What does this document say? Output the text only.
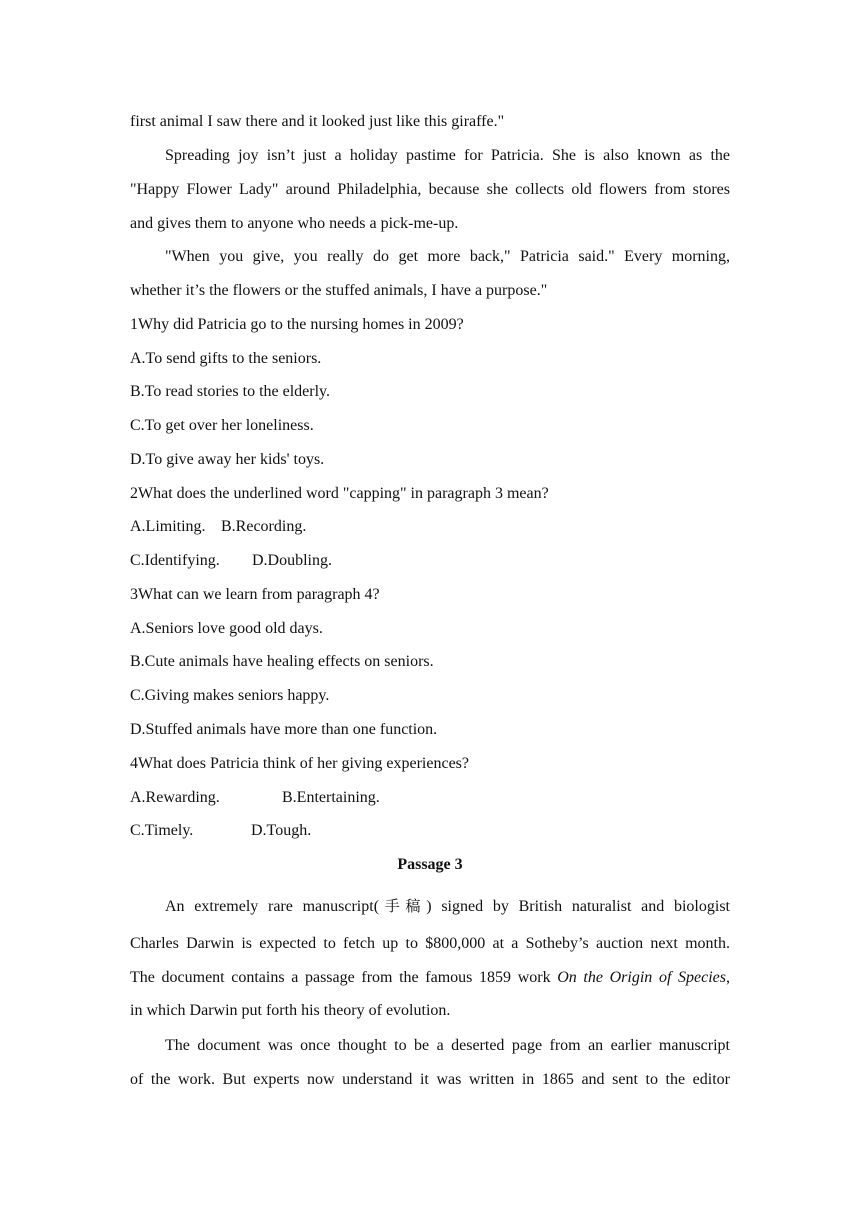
first animal I saw there and it looked just like this giraffe."
Spreading joy isn’t just a holiday pastime for Patricia. She is also known as the
"Happy Flower Lady" around Philadelphia, because she collects old flowers from stores
and gives them to anyone who needs a pick-me-up.
"When you give, you really do get more back," Patricia said." Every morning,
whether it’s the flowers or the stuffed animals, I have a purpose."
1Why did Patricia go to the nursing homes in 2009?
A.To send gifts to the seniors.
B.To read stories to the elderly.
C.To get over her loneliness.
D.To give away her kids' toys.
2What does the underlined word "capping" in paragraph 3 mean?
A.Limiting. B.Recording.
C.Identifying. D.Doubling.
3What can we learn from paragraph 4?
A.Seniors love good old days.
B.Cute animals have healing effects on seniors.
C.Giving makes seniors happy.
D.Stuffed animals have more than one function.
4What does Patricia think of her giving experiences?
A.Rewarding.	B.Entertaining.
C.Timely.	D.Tough.
Passage 3
An extremely rare manuscript(手稿) signed by British naturalist and biologist
Charles Darwin is expected to fetch up to $800,000 at a Sotheby’s auction next month.
The document contains a passage from the famous 1859 work On the Origin of Species,
in which Darwin put forth his theory of evolution.
The document was once thought to be a deserted page from an earlier manuscript
of the work. But experts now understand it was written in 1865 and sent to the editor
